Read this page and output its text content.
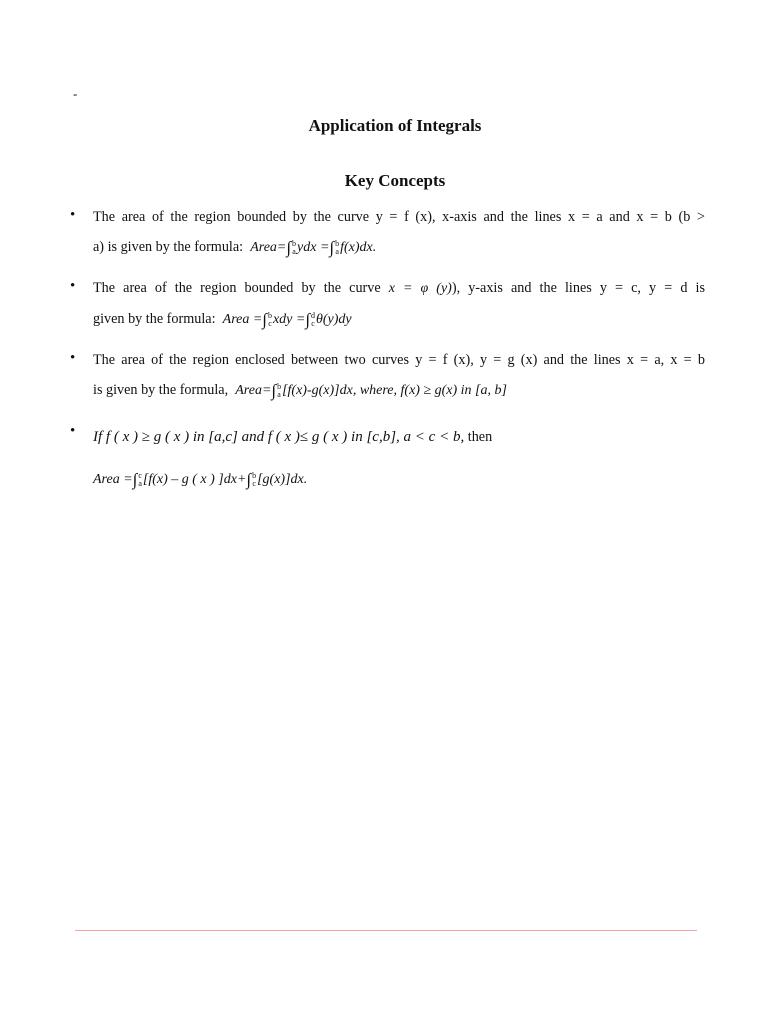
-
Application of Integrals
Key Concepts
• The area of the region bounded by the curve y = f (x), x-axis and the lines x = a and x = b (b >
a) is given by the formula: Area=∫ b
a ydx =∫ b
a f(x)dx.
• The area of the region bounded by the curve x = φ (y)), y-axis and the lines y = c, y = d is
given by the formula: Area =∫ b
c xdy =∫ d
c θ(y)dy
• The area of the region enclosed between two curves y = f (x), y = g (x) and the lines x = a, x = b
is given by the formula, Area=∫ b
a [f(x)-g(x)]dx, where, f(x) ≥ g(x) in [a, b]
• If f ( x ) ≥ g ( x ) in [a,c] and f ( x )≤ g ( x ) in [c,b], a < c < b, then
Area =∫ c
a [f(x) – g ( x ) ]dx+∫ b
c [g(x)]dx.
